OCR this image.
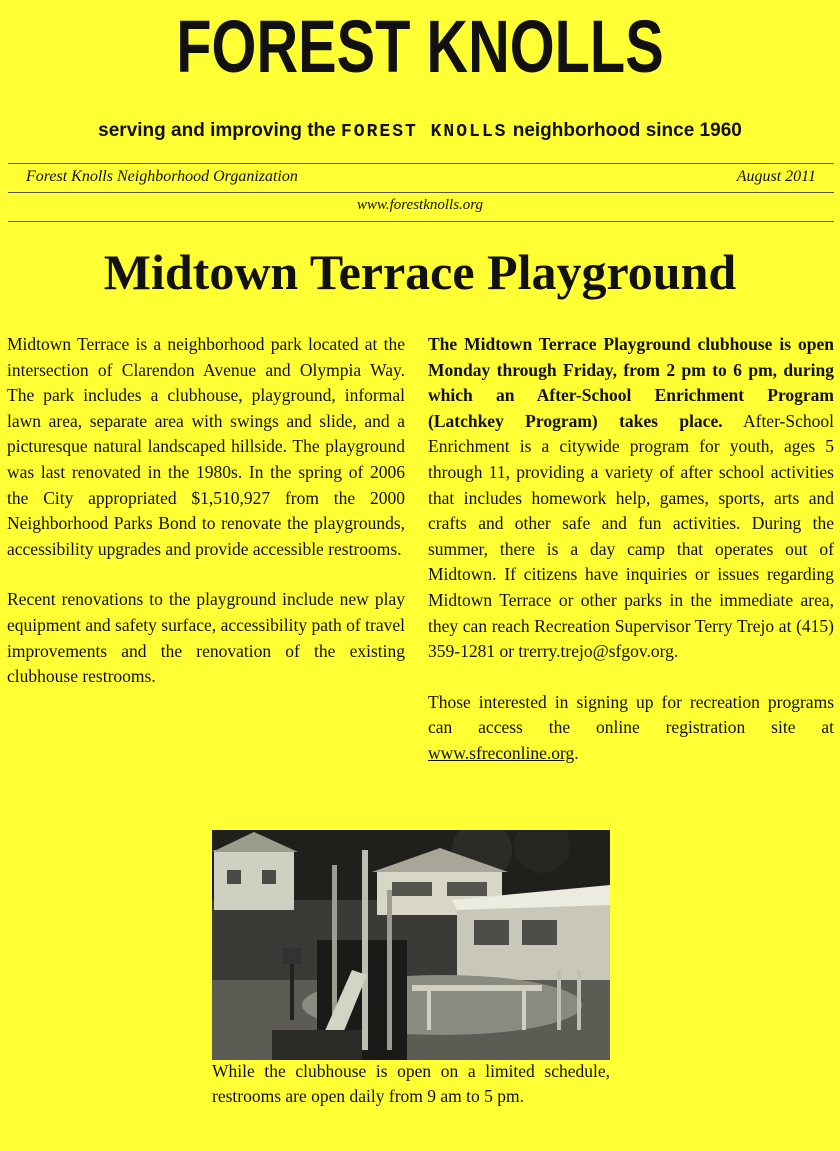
FOREST KNOLLS
serving and improving the FOREST KNOLLS neighborhood since 1960
Forest Knolls Neighborhood Organization	August 2011
www.forestknolls.org
Midtown Terrace Playground

Midtown Terrace is a neighborhood park located at the intersection of Clarendon Avenue and Olympia Way. The park includes a clubhouse, playground, informal lawn area, separate area with swings and slide, and a picturesque natural landscaped hillside. The playground was last renovated in the 1980s. In the spring of 2006 the City appropriated $1,510,927 from the 2000 Neighborhood Parks Bond to renovate the playgrounds, accessibility upgrades and provide accessible restrooms.

Recent renovations to the playground include new play equipment and safety surface, accessibility path of travel improvements and the renovation of the existing clubhouse restrooms.

The Midtown Terrace Playground clubhouse is open Monday through Friday, from 2 pm to 6 pm, during which an After-School Enrichment Program (Latchkey Program) takes place. After-School Enrichment is a citywide program for youth, ages 5 through 11, providing a variety of after school activities that includes homework help, games, sports, arts and crafts and other safe and fun activities. During the summer, there is a day camp that operates out of Midtown. If citizens have inquiries or issues regarding Midtown Terrace or other parks in the immediate area, they can reach Recreation Supervisor Terry Trejo at (415) 359-1281 or trerry.trejo@sfgov.org.

Those interested in signing up for recreation programs can access the online registration site at www.sfreconline.org.

While the clubhouse is open on a limited schedule, restrooms are open daily from 9 am to 5 pm.
